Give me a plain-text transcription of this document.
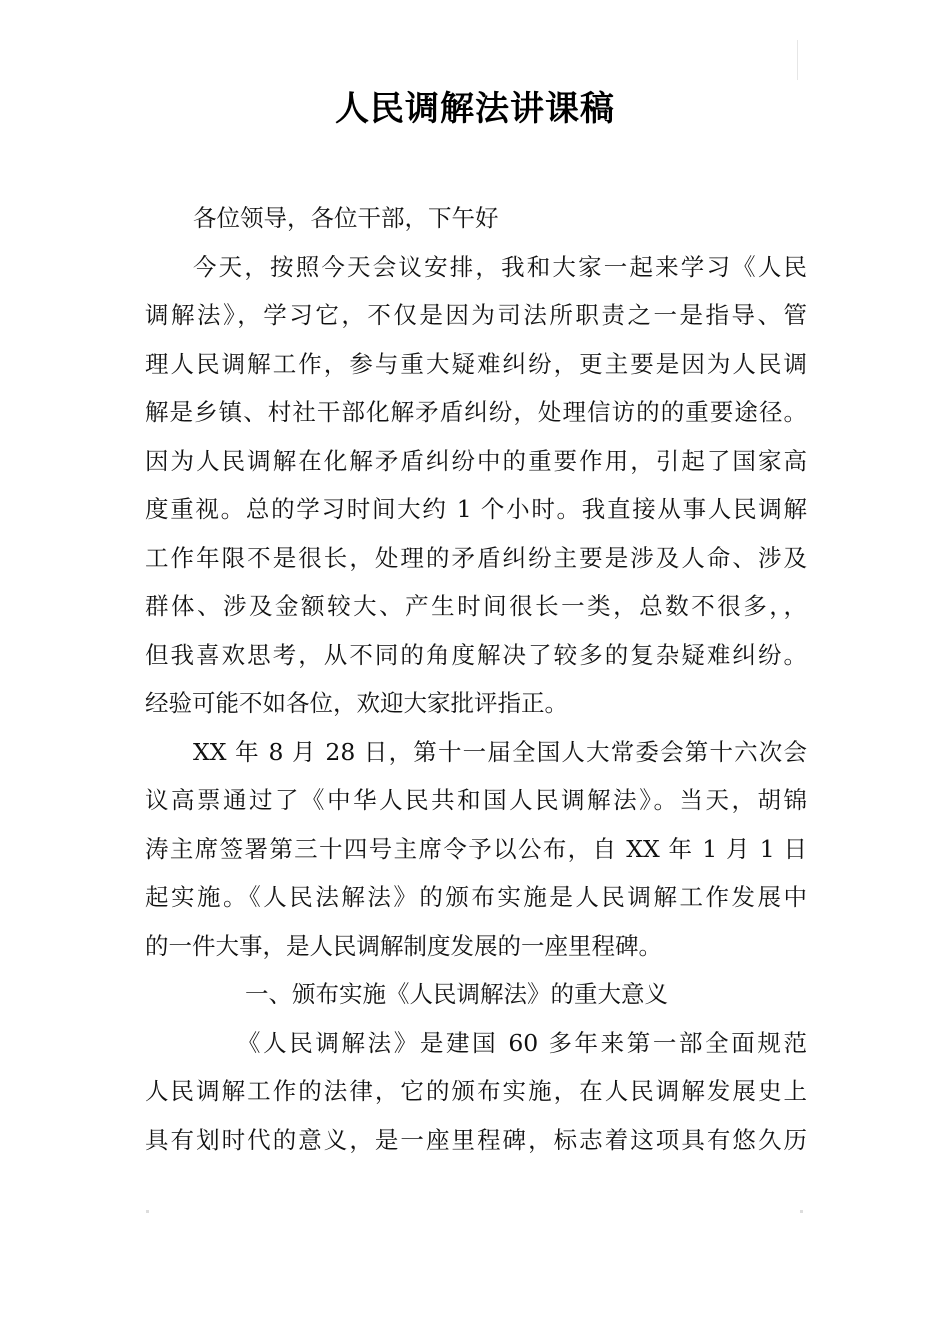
人民调解法讲课稿
各位领导，各位干部，下午好
今天，按照今天会议安排，我和大家一起来学习《人民
调解法》，学习它，不仅是因为司法所职责之一是指导、管
理人民调解工作，参与重大疑难纠纷，更主要是因为人民调
解是乡镇、村社干部化解矛盾纠纷，处理信访的的重要途径。
因为人民调解在化解矛盾纠纷中的重要作用，引起了国家高
度重视。总的学习时间大约 1 个小时。我直接从事人民调解
工作年限不是很长，处理的矛盾纠纷主要是涉及人命、涉及
群体、涉及金额较大、产生时间很长一类，总数不很多，，
但我喜欢思考，从不同的角度解决了较多的复杂疑难纠纷。
经验可能不如各位，欢迎大家批评指正。
XX 年 8 月 28 日，第十一届全国人大常委会第十六次会
议高票通过了《中华人民共和国人民调解法》。当天，胡锦
涛主席签署第三十四号主席令予以公布，自 XX 年 1 月 1 日
起实施。《人民法解法》的颁布实施是人民调解工作发展中
的一件大事，是人民调解制度发展的一座里程碑。
一、颁布实施《人民调解法》的重大意义
《人民调解法》是建国 60 多年来第一部全面规范
人民调解工作的法律，它的颁布实施，在人民调解发展史上
具有划时代的意义，是一座里程碑，标志着这项具有悠久历
